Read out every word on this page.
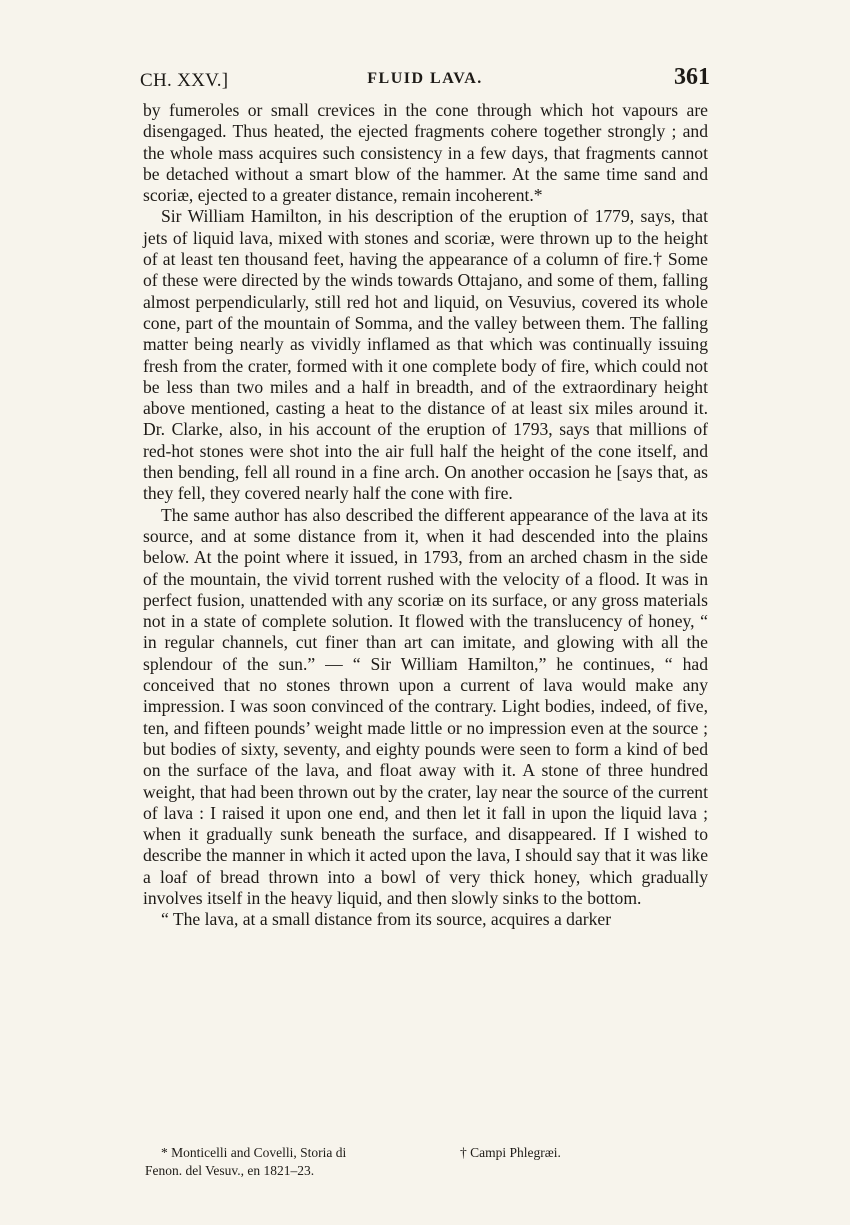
CH. XXV.]	FLUID LAVA.	361

by fumeroles or small crevices in the cone through which hot vapours are disengaged. Thus heated, the ejected fragments cohere together strongly ; and the whole mass acquires such consistency in a few days, that fragments cannot be detached without a smart blow of the hammer. At the same time sand and scoriæ, ejected to a greater distance, remain incoherent.*

Sir William Hamilton, in his description of the eruption of 1779, says, that jets of liquid lava, mixed with stones and scoriæ, were thrown up to the height of at least ten thousand feet, having the appearance of a column of fire.† Some of these were directed by the winds towards Ottajano, and some of them, falling almost perpendicularly, still red hot and liquid, on Vesuvius, covered its whole cone, part of the mountain of Somma, and the valley between them. The falling matter being nearly as vividly inflamed as that which was continually issuing fresh from the crater, formed with it one complete body of fire, which could not be less than two miles and a half in breadth, and of the extraordinary height above mentioned, casting a heat to the distance of at least six miles around it. Dr. Clarke, also, in his account of the eruption of 1793, says that millions of red-hot stones were shot into the air full half the height of the cone itself, and then bending, fell all round in a fine arch. On another occasion he [says that, as they fell, they covered nearly half the cone with fire.

The same author has also described the different appearance of the lava at its source, and at some distance from it, when it had descended into the plains below. At the point where it issued, in 1793, from an arched chasm in the side of the mountain, the vivid torrent rushed with the velocity of a flood. It was in perfect fusion, unattended with any scoriæ on its surface, or any gross materials not in a state of complete solution. It flowed with the translucency of honey, “ in regular channels, cut finer than art can imitate, and glowing with all the splendour of the sun.” — “ Sir William Hamilton,” he continues, “ had conceived that no stones thrown upon a current of lava would make any impression. I was soon convinced of the contrary. Light bodies, indeed, of five, ten, and fifteen pounds’ weight made little or no impression even at the source ; but bodies of sixty, seventy, and eighty pounds were seen to form a kind of bed on the surface of the lava, and float away with it. A stone of three hundred weight, that had been thrown out by the crater, lay near the source of the current of lava : I raised it upon one end, and then let it fall in upon the liquid lava ; when it gradually sunk beneath the surface, and disappeared. If I wished to describe the manner in which it acted upon the lava, I should say that it was like a loaf of bread thrown into a bowl of very thick honey, which gradually involves itself in the heavy liquid, and then slowly sinks to the bottom.

“ The lava, at a small distance from its source, acquires a darker

* Monticelli and Covelli, Storia di
Fenon. del Vesuv., en 1821–23.
† Campi Phlegræi.
